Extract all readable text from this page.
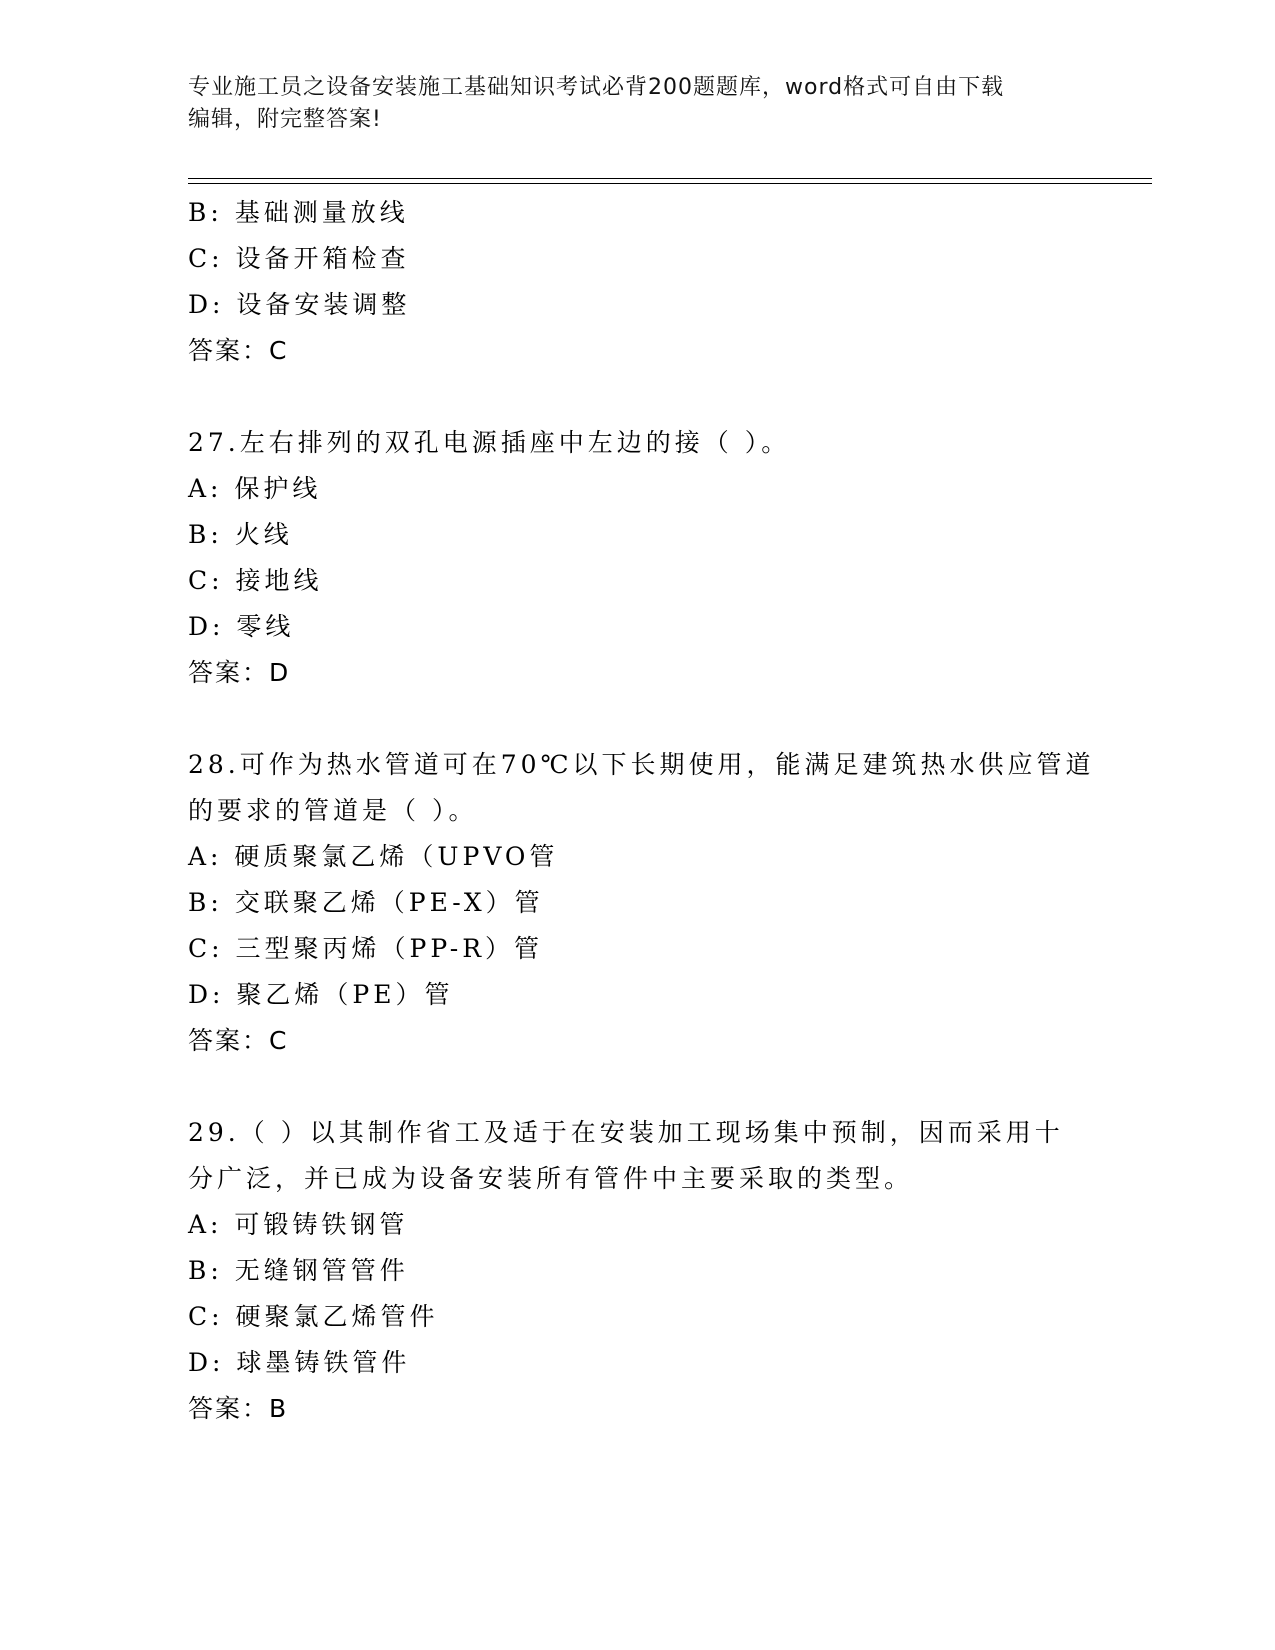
专业施工员之设备安装施工基础知识考试必背200题题库，word格式可自由下载
编辑，附完整答案!
B: 基础测量放线
C: 设备开箱检查
D: 设备安装调整
答案：C
27.左右排列的双孔电源插座中左边的接（ ）。
A: 保护线
B: 火线
C: 接地线
D: 零线
答案：D
28.可作为热水管道可在70℃以下长期使用，能满足建筑热水供应管道
的要求的管道是（ ）。
A: 硬质聚氯乙烯（UPVO管
B: 交联聚乙烯（PE-X）管
C: 三型聚丙烯（PP-R）管
D: 聚乙烯（PE）管
答案：C
29.（ ）以其制作省工及适于在安装加工现场集中预制，因而采用十
分广泛，并已成为设备安装所有管件中主要采取的类型。
A: 可锻铸铁钢管
B: 无缝钢管管件
C: 硬聚氯乙烯管件
D: 球墨铸铁管件
答案：B
